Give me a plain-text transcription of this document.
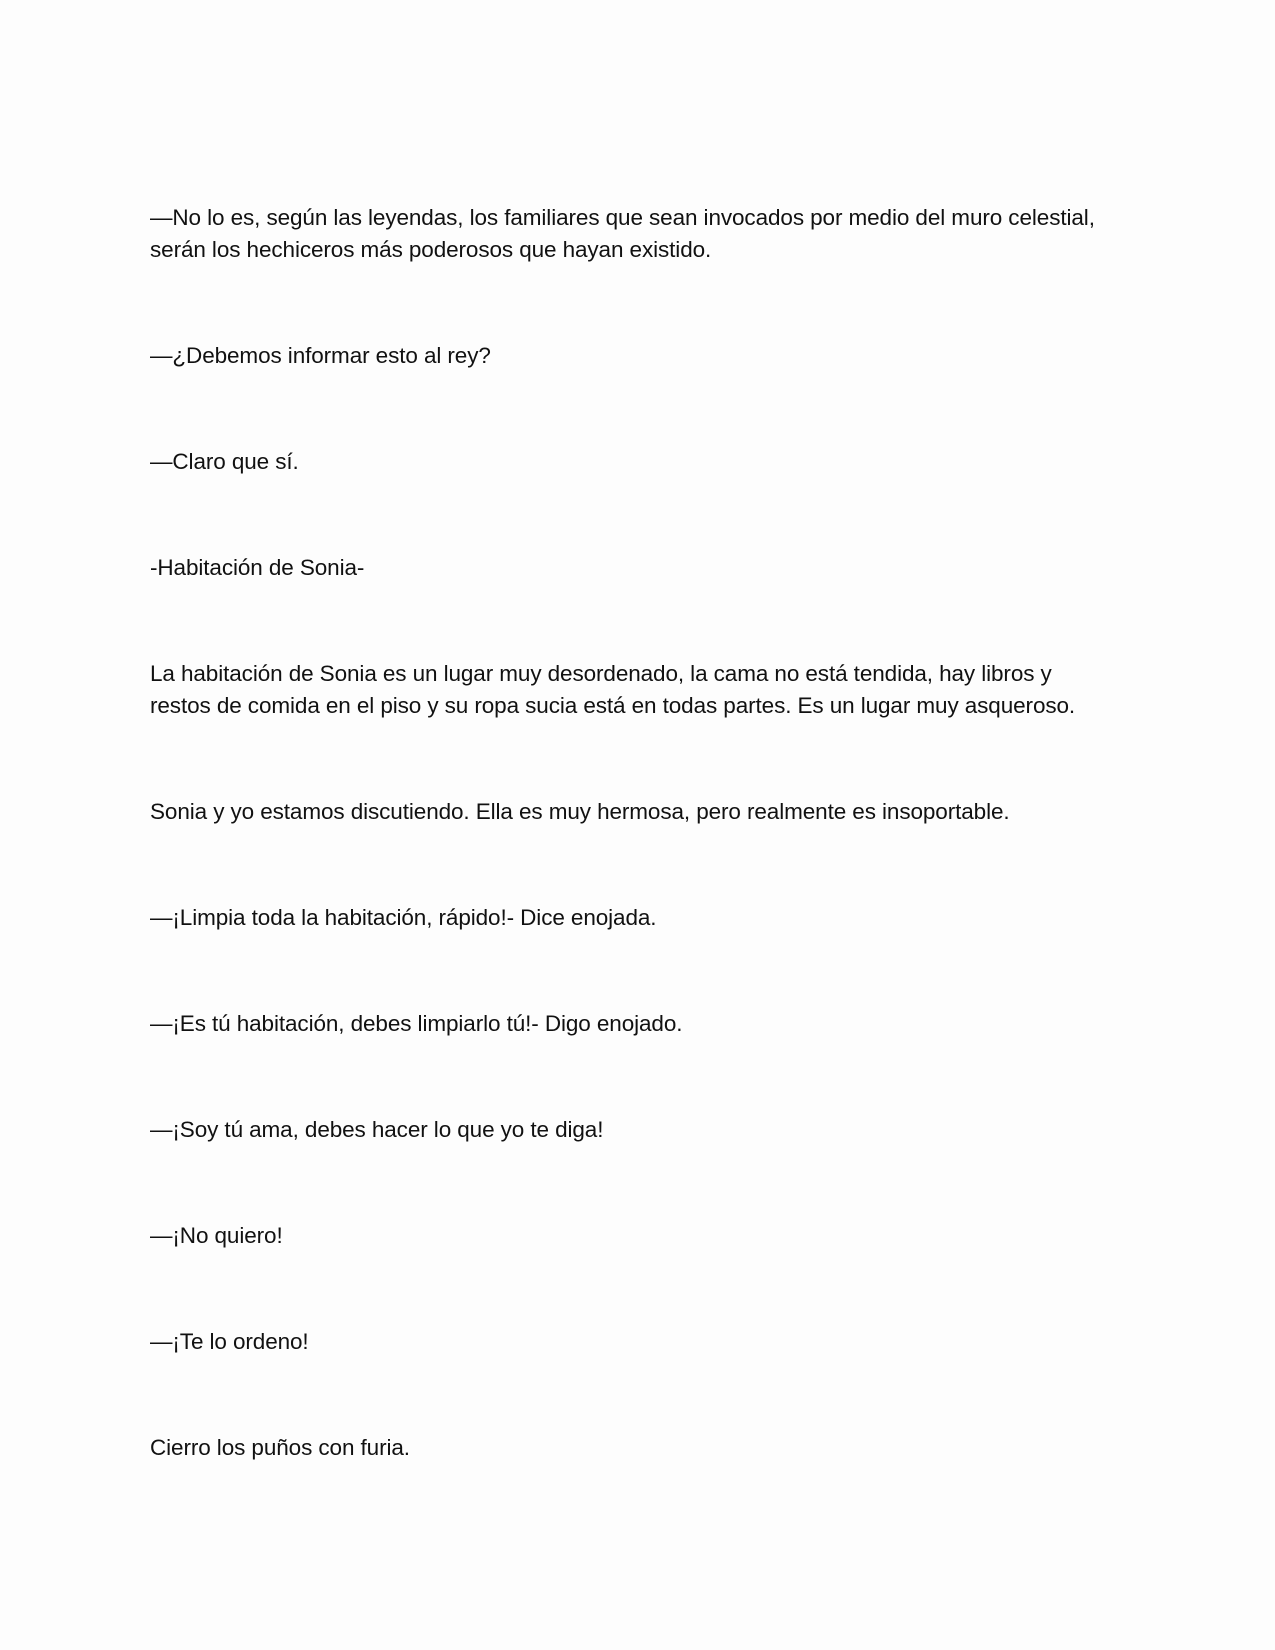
—No lo es, según las leyendas, los familiares que sean invocados por medio del muro celestial,
serán los hechiceros más poderosos que hayan existido.

—¿Debemos informar esto al rey?

—Claro que sí.

-Habitación de Sonia-

La habitación de Sonia es un lugar muy desordenado, la cama no está tendida, hay libros y
restos de comida en el piso y su ropa sucia está en todas partes. Es un lugar muy asqueroso.

Sonia y yo estamos discutiendo. Ella es muy hermosa, pero realmente es insoportable.

—¡Limpia toda la habitación, rápido!- Dice enojada.

—¡Es tú habitación, debes limpiarlo tú!- Digo enojado.

—¡Soy tú ama, debes hacer lo que yo te diga!

—¡No quiero!

—¡Te lo ordeno!

Cierro los puños con furia.
